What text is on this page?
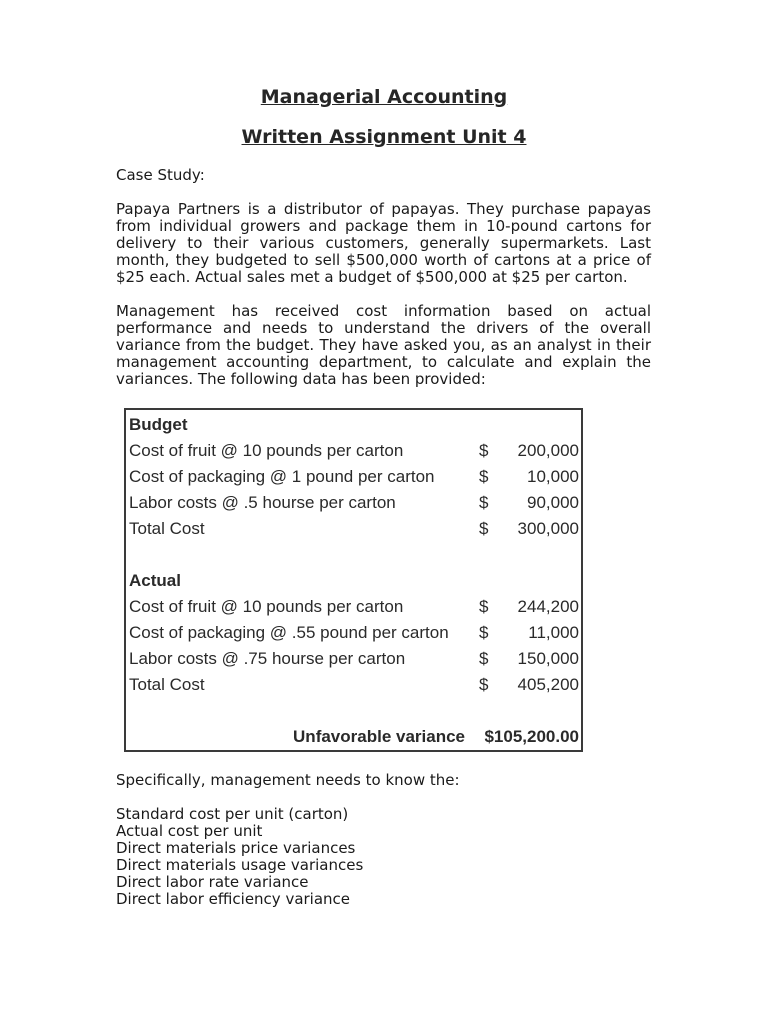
Managerial Accounting
Written Assignment Unit 4

Case Study:

Papaya Partners is a distributor of papayas. They purchase papayas from individual growers and package them in 10-pound cartons for delivery to their various customers, generally supermarkets. Last month, they budgeted to sell $500,000 worth of cartons at a price of $25 each. Actual sales met a budget of $500,000 at $25 per carton.

Management has received cost information based on actual performance and needs to understand the drivers of the overall variance from the budget. They have asked you, as an analyst in their management accounting department, to calculate and explain the variances. The following data has been provided:

Budget
Cost of fruit @ 10 pounds per carton	$ 200,000
Cost of packaging @ 1 pound per carton	$ 10,000
Labor costs @ .5 hourse per carton	$ 90,000
Total Cost	$ 300,000
Actual
Cost of fruit @ 10 pounds per carton	$ 244,200
Cost of packaging @ .55 pound per carton $ 11,000
Labor costs @ .75 hourse per carton	$ 150,000
Total Cost	$ 405,200
Unfavorable variance $105,200.00

Specifically, management needs to know the:

Standard cost per unit (carton)
Actual cost per unit
Direct materials price variances
Direct materials usage variances
Direct labor rate variance
Direct labor efficiency variance
